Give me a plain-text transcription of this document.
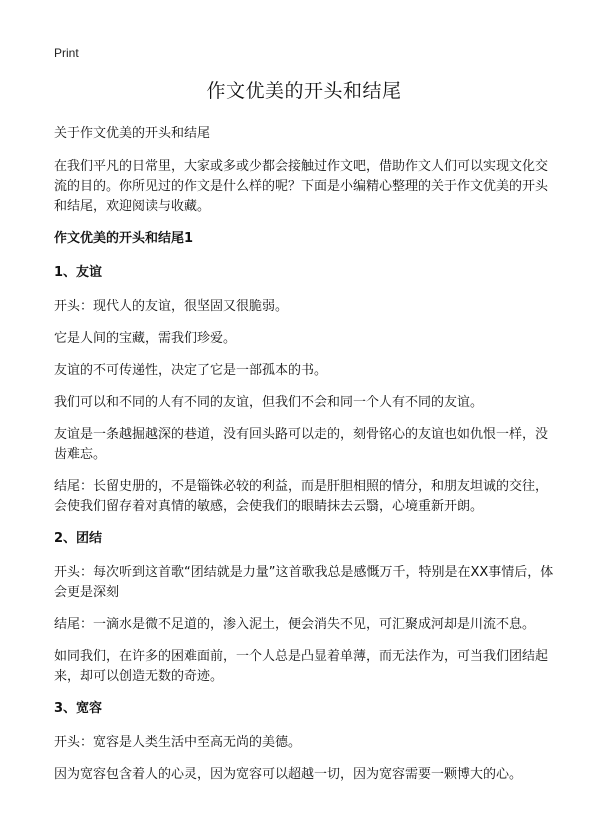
Print
作文优美的开头和结尾

关于作文优美的开头和结尾

在我们平凡的日常里，大家或多或少都会接触过作文吧，借助作文人们可以实现文化交流的目的。你所见过的作文是什么样的呢？下面是小编精心整理的关于作文优美的开头和结尾，欢迎阅读与收藏。

作文优美的开头和结尾1

1、友谊

开头：现代人的友谊，很坚固又很脆弱。

它是人间的宝藏，需我们珍爱。

友谊的不可传递性，决定了它是一部孤本的书。

我们可以和不同的人有不同的友谊，但我们不会和同一个人有不同的友谊。

友谊是一条越掘越深的巷道，没有回头路可以走的，刻骨铭心的友谊也如仇恨一样，没齿难忘。

结尾：长留史册的，不是锱铢必较的利益，而是肝胆相照的情分，和朋友坦诚的交往，会使我们留存着对真情的敏感，会使我们的眼睛抹去云翳，心境重新开朗。

2、团结

开头：每次听到这首歌“团结就是力量”这首歌我总是感慨万千，特别是在XX事情后，体会更是深刻

结尾：一滴水是微不足道的，渗入泥土，便会消失不见，可汇聚成河却是川流不息。

如同我们，在许多的困难面前，一个人总是凸显着单薄，而无法作为，可当我们团结起来，却可以创造无数的奇迹。

3、宽容

开头：宽容是人类生活中至高无尚的美德。

因为宽容包含着人的心灵，因为宽容可以超越一切，因为宽容需要一颗博大的心。
